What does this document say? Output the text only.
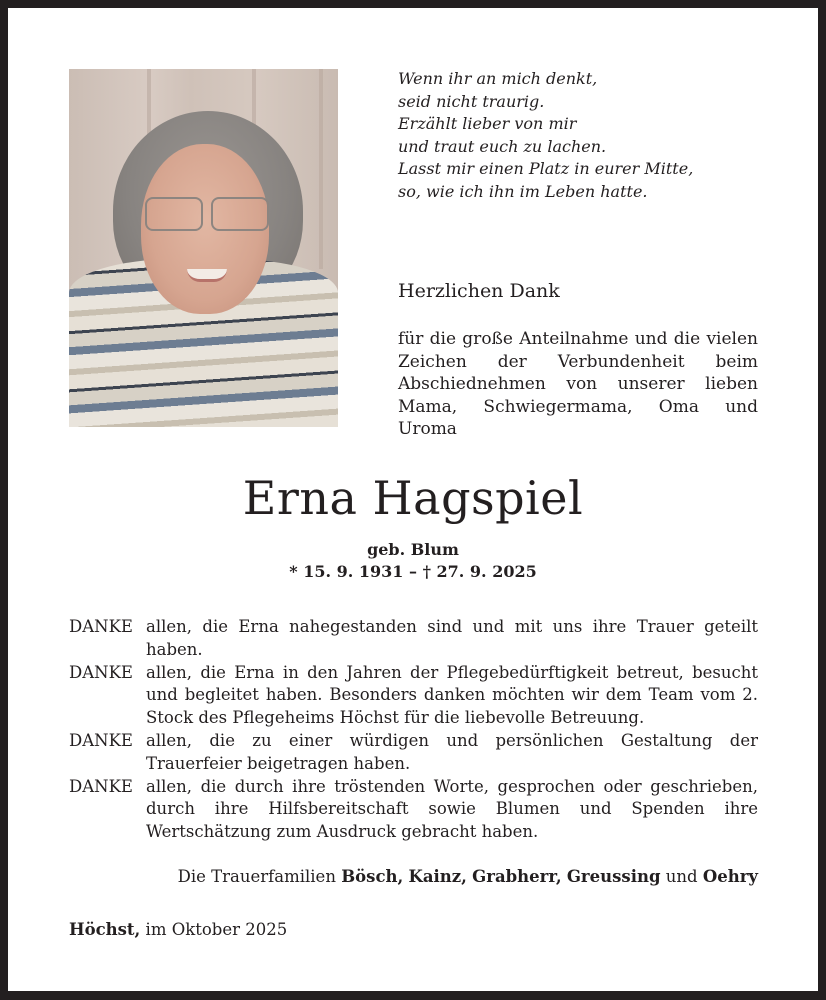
Wenn ihr an mich denkt,
seid nicht traurig.
Erzählt lieber von mir
und traut euch zu lachen.
Lasst mir einen Platz in eurer Mitte,
so, wie ich ihn im Leben hatte.
Herzlichen Dank

für die große Anteilnahme und die vielen Zeichen der Verbundenheit beim Abschiednehmen von unserer lieben Mama, Schwiegermama, Oma und Uroma

Erna Hagspiel

geb. Blum

* 15. 9. 1931 – † 27. 9. 2025

DANKE allen, die Erna nahegestanden sind und mit uns ihre Trauer geteilt haben.
DANKE allen, die Erna in den Jahren der Pflegebedürftigkeit betreut, besucht und begleitet haben. Besonders danken möchten wir dem Team vom 2. Stock des Pflegeheims Höchst für die liebevolle Betreuung.
DANKE allen, die zu einer würdigen und persönlichen Gestaltung der Trauerfeier beigetragen haben.
DANKE allen, die durch ihre tröstenden Worte, gesprochen oder geschrieben, durch ihre Hilfsbereitschaft sowie Blumen und Spenden ihre Wertschätzung zum Ausdruck gebracht haben.

Die Trauerfamilien Bösch, Kainz, Grabherr, Greussing und Oehry

Höchst, im Oktober 2025
